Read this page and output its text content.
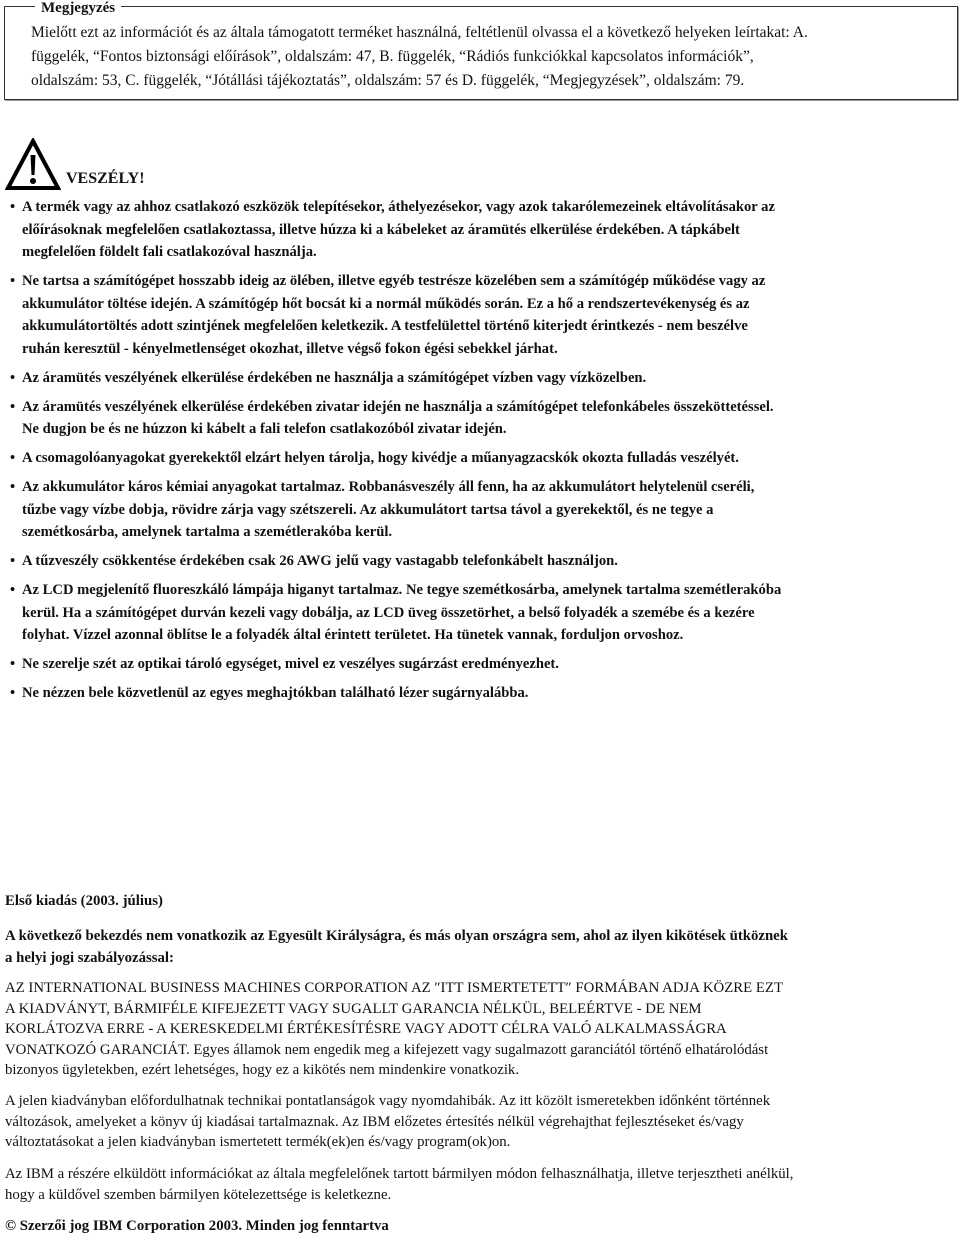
Megjegyzés
Mielőtt ezt az információt és az általa támogatott terméket használná, feltétlenül olvassa el a következő helyeken leírtakat: A.
függelék, “Fontos biztonsági előírások”, oldalszám: 47, B. függelék, “Rádiós funkciókkal kapcsolatos információk”,
oldalszám: 53, C. függelék, “Jótállási tájékoztatás”, oldalszám: 57 és D. függelék, “Megjegyzések”, oldalszám: 79.
VESZÉLY!
• A termék vagy az ahhoz csatlakozó eszközök telepítésekor, áthelyezésekor, vagy azok takarólemezeinek eltávolításakor az
előírásoknak megfelelően csatlakoztassa, illetve húzza ki a kábeleket az áramütés elkerülése érdekében. A tápkábelt
megfelelően földelt fali csatlakozóval használja.
• Ne tartsa a számítógépet hosszabb ideig az ölében, illetve egyéb testrésze közelében sem a számítógép működése vagy az
akkumulátor töltése idején. A számítógép hőt bocsát ki a normál működés során. Ez a hő a rendszertevékenység és az
akkumulátortöltés adott szintjének megfelelően keletkezik. A testfelülettel történő kiterjedt érintkezés - nem beszélve
ruhán keresztül - kényelmetlenséget okozhat, illetve végső fokon égési sebekkel járhat.
• Az áramütés veszélyének elkerülése érdekében ne használja a számítógépet vízben vagy vízközelben.
• Az áramütés veszélyének elkerülése érdekében zivatar idején ne használja a számítógépet telefonkábeles összeköttetéssel.
Ne dugjon be és ne húzzon ki kábelt a fali telefon csatlakozóból zivatar idején.
• A csomagolóanyagokat gyerekektől elzárt helyen tárolja, hogy kivédje a műanyagzacskók okozta fulladás veszélyét.
• Az akkumulátor káros kémiai anyagokat tartalmaz. Robbanásveszély áll fenn, ha az akkumulátort helytelenül cseréli,
tűzbe vagy vízbe dobja, rövidre zárja vagy szétszereli. Az akkumulátort tartsa távol a gyerekektől, és ne tegye a
szemétkosárba, amelynek tartalma a szemétlerakóba kerül.
• A tűzveszély csökkentése érdekében csak 26 AWG jelű vagy vastagabb telefonkábelt használjon.
• Az LCD megjelenítő fluoreszkáló lámpája higanyt tartalmaz. Ne tegye szemétkosárba, amelynek tartalma szemétlerakóba
kerül. Ha a számítógépet durván kezeli vagy dobálja, az LCD üveg összetörhet, a belső folyadék a szemébe és a kezére
folyhat. Vízzel azonnal öblítse le a folyadék által érintett területet. Ha tünetek vannak, forduljon orvoshoz.
• Ne szerelje szét az optikai tároló egységet, mivel ez veszélyes sugárzást eredményezhet.
• Ne nézzen bele közvetlenül az egyes meghajtókban található lézer sugárnyalábba.
Első kiadás (2003. július)
A következő bekezdés nem vonatkozik az Egyesült Királyságra, és más olyan országra sem, ahol az ilyen kikötések ütköznek
a helyi jogi szabályozással:
AZ INTERNATIONAL BUSINESS MACHINES CORPORATION AZ ″ITT ISMERTETETT″ FORMÁBAN ADJA KÖZRE EZT
A KIADVÁNYT, BÁRMIFÉLE KIFEJEZETT VAGY SUGALLT GARANCIA NÉLKÜL, BELEÉRTVE - DE NEM
KORLÁTOZVA ERRE - A KERESKEDELMI ÉRTÉKESÍTÉSRE VAGY ADOTT CÉLRA VALÓ ALKALMASSÁGRA
VONATKOZÓ GARANCIÁT. Egyes államok nem engedik meg a kifejezett vagy sugalmazott garanciától történő elhatárolódást
bizonyos ügyletekben, ezért lehetséges, hogy ez a kikötés nem mindenkire vonatkozik.
A jelen kiadványban előfordulhatnak technikai pontatlanságok vagy nyomdahibák. Az itt közölt ismeretekben időnként történnek
változások, amelyeket a könyv új kiadásai tartalmaznak. Az IBM előzetes értesítés nélkül végrehajthat fejlesztéseket és/vagy
változtatásokat a jelen kiadványban ismertetett termék(ek)en és/vagy program(ok)on.
Az IBM a részére elküldött információkat az általa megfelelőnek tartott bármilyen módon felhasználhatja, illetve terjesztheti anélkül,
hogy a küldővel szemben bármilyen kötelezettsége is keletkezne.
© Szerzői jog IBM Corporation 2003. Minden jog fenntartva
